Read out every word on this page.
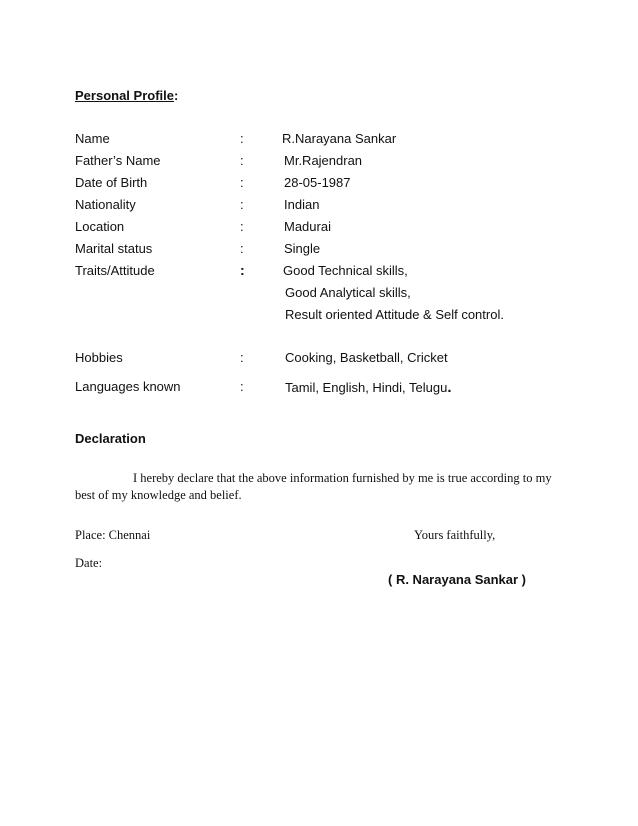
Personal Profile:
Name	:	R.Narayana Sankar
Father’s Name	:	Mr.Rajendran
Date of Birth	:	28-05-1987
Nationality	:	Indian
Location	:	Madurai
Marital status	:	Single
Traits/Attitude	:	Good Technical skills,
Good Analytical skills,
Result oriented Attitude & Self control.
Hobbies	:	Cooking, Basketball, Cricket
Languages known	:	Tamil, English, Hindi, Telugu.
Declaration
I hereby declare that the above information furnished by me is true according to my best of my knowledge and belief.
Place: Chennai	Yours faithfully,
Date:
( R. Narayana Sankar )
